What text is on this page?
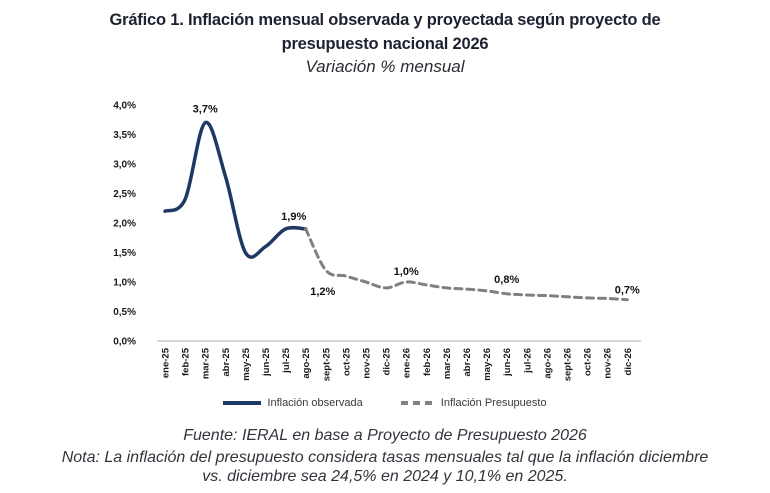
Gráfico 1. Inflación mensual observada y proyectada según proyecto de
presupuesto nacional 2026
Variación % mensual
0,0%
0,5%
1,0%
1,5%
2,0%
2,5%
3,0%
3,5%
4,0%
ene-25 feb-25 mar-25 abr-25 may-25 jun-25 jul-25 ago-25 sept-25 oct-25 nov-25 dic-25 ene-26 feb-26 mar-26 abr-26 may-26 jun-26 jul-26 ago-26 sept-26 oct-26 nov-26 dic-26
3,7%
1,9%
1,2%
1,0%
0,8%
0,7%
Inflación observada	Inflación Presupuesto
Fuente: IERAL en base a Proyecto de Presupuesto 2026
Nota: La inflación del presupuesto considera tasas mensuales tal que la inflación diciembre
vs. diciembre sea 24,5% en 2024 y 10,1% en 2025.
